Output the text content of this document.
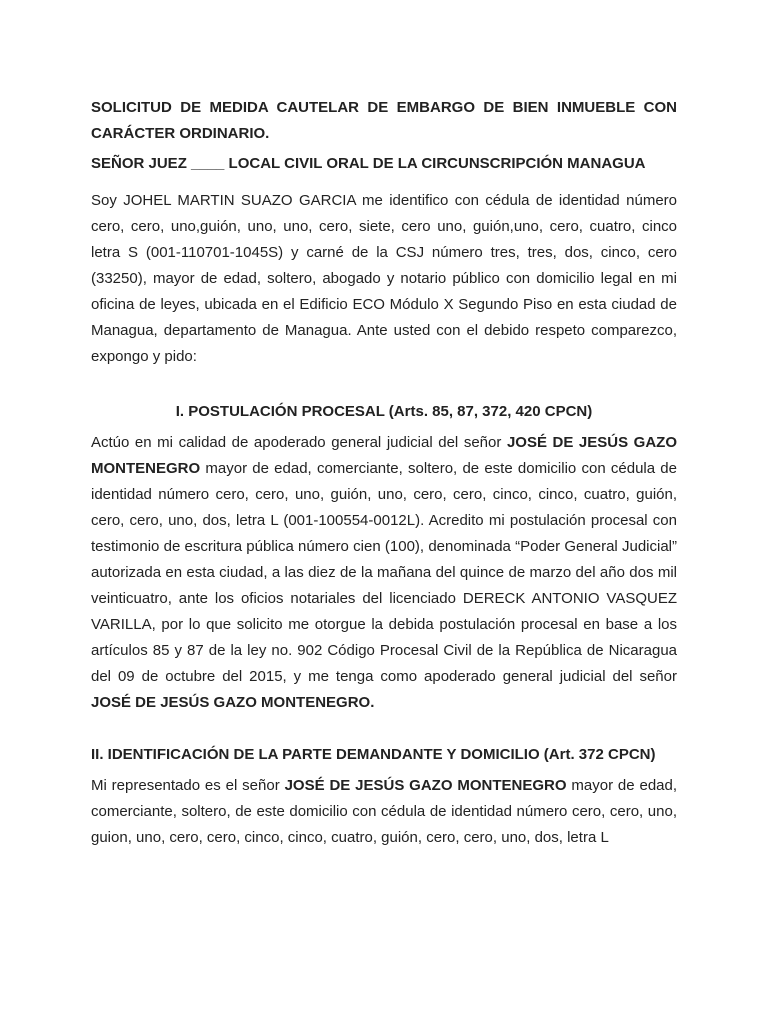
SOLICITUD DE MEDIDA CAUTELAR DE EMBARGO DE BIEN INMUEBLE CON CARÁCTER ORDINARIO.

SEÑOR JUEZ ____ LOCAL CIVIL ORAL DE LA CIRCUNSCRIPCIÓN MANAGUA

Soy JOHEL MARTIN SUAZO GARCIA me identifico con cédula de identidad número cero, cero, uno,guión, uno, uno, cero, siete, cero uno, guión,uno, cero, cuatro, cinco letra S (001-110701-1045S) y carné de la CSJ número tres, tres, dos, cinco, cero (33250), mayor de edad, soltero, abogado y notario público con domicilio legal en mi oficina de leyes, ubicada en el Edificio ECO Módulo X Segundo Piso en esta ciudad de Managua, departamento de Managua. Ante usted con el debido respeto comparezco, expongo y pido:

I. POSTULACIÓN PROCESAL (Arts. 85, 87, 372, 420 CPCN)

Actúo en mi calidad de apoderado general judicial del señor JOSÉ DE JESÚS GAZO MONTENEGRO mayor de edad, comerciante, soltero, de este domicilio con cédula de identidad número cero, cero, uno, guión, uno, cero, cero, cinco, cinco, cuatro, guión, cero, cero, uno, dos, letra L (001-100554-0012L). Acredito mi postulación procesal con testimonio de escritura pública número cien (100), denominada “Poder General Judicial” autorizada en esta ciudad, a las diez de la mañana del quince de marzo del año dos mil veinticuatro, ante los oficios notariales del licenciado DERECK ANTONIO VASQUEZ VARILLA, por lo que solicito me otorgue la debida postulación procesal en base a los artículos 85 y 87 de la ley no. 902 Código Procesal Civil de la República de Nicaragua del 09 de octubre del 2015, y me tenga como apoderado general judicial del señor JOSÉ DE JESÚS GAZO MONTENEGRO.

II. IDENTIFICACIÓN DE LA PARTE DEMANDANTE Y DOMICILIO (Art. 372 CPCN)

Mi representado es el señor JOSÉ DE JESÚS GAZO MONTENEGRO mayor de edad, comerciante, soltero, de este domicilio con cédula de identidad número cero, cero, uno, guion, uno, cero, cero, cinco, cinco, cuatro, guión, cero, cero, uno, dos, letra L
